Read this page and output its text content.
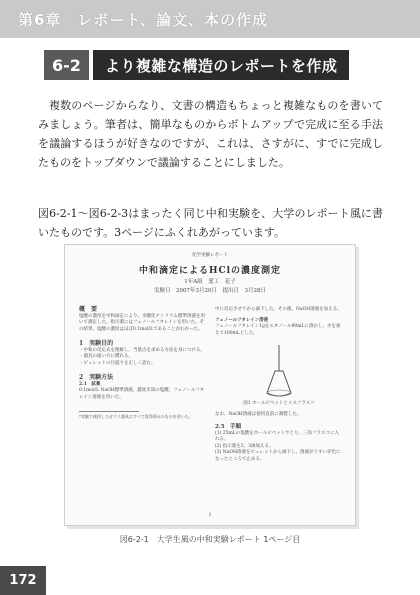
第6章　レポート、論文、本の作成
6-2	より複雑な構造のレポートを作成

複数のページからなり、文書の構造もちょっと複雑なものを書いてみましょう。筆者は、簡単なものからボトムアップで完成に至る手法を議論するほうが好きなのですが、これは、さすがに、すでに完成したものをトップダウンで議論することにしました。

図6-2-1～図6-2-3はまったく同じ中和実験を、大学のレポート風に書いたものです。3ページにふくれあがっています。

化学実験レポート
中和滴定によるHClの濃度測定
1年A組　愛工　花子
実験日　2007年3月20日　提出日　3月28日
概　要
塩酸の濃度を中和滴定により、水酸化ナトリウム標準溶液を用いて測定した。指示薬にはフェノールフタレインを用いた。その結果、塩酸の濃度はほぼ0.1mol/Lであることがわかった。
1　実験目的
・中和の反応式を理解し、当量点を求める方法を身につける。
・器具の扱い方に慣れる。
・ビュレットの目盛りを正しく読む。
2　実験方法
2.1　試薬
0.1mol/L NaOH標準溶液、濃度未知の塩酸、フェノールフタレイン溶液を用いた。
*実験で使用したガラス器具はすべて洗浄済みのものを用いた。
中に反応させてから滴下した。その後、NaOH溶液を加える。
フェノールフタレイン溶液
フェノールフタレイン1gをエタノール90mLに溶かし、水を加えて100mLとした。
図1 ホールピペットとメスフラスコ
なお、NaOH溶液は使用直前に調製した。
2.5　手順
(1) 25mLの塩酸をホールピペットでとり、三角フラスコに入れる。
(2) 指示薬を2、3滴加える。
(3) NaOH溶液をビュレットから滴下し、溶液がうすい赤色になったところで止める。
1
図6-2-1　大学生風の中和実験レポート 1ページ目
172
